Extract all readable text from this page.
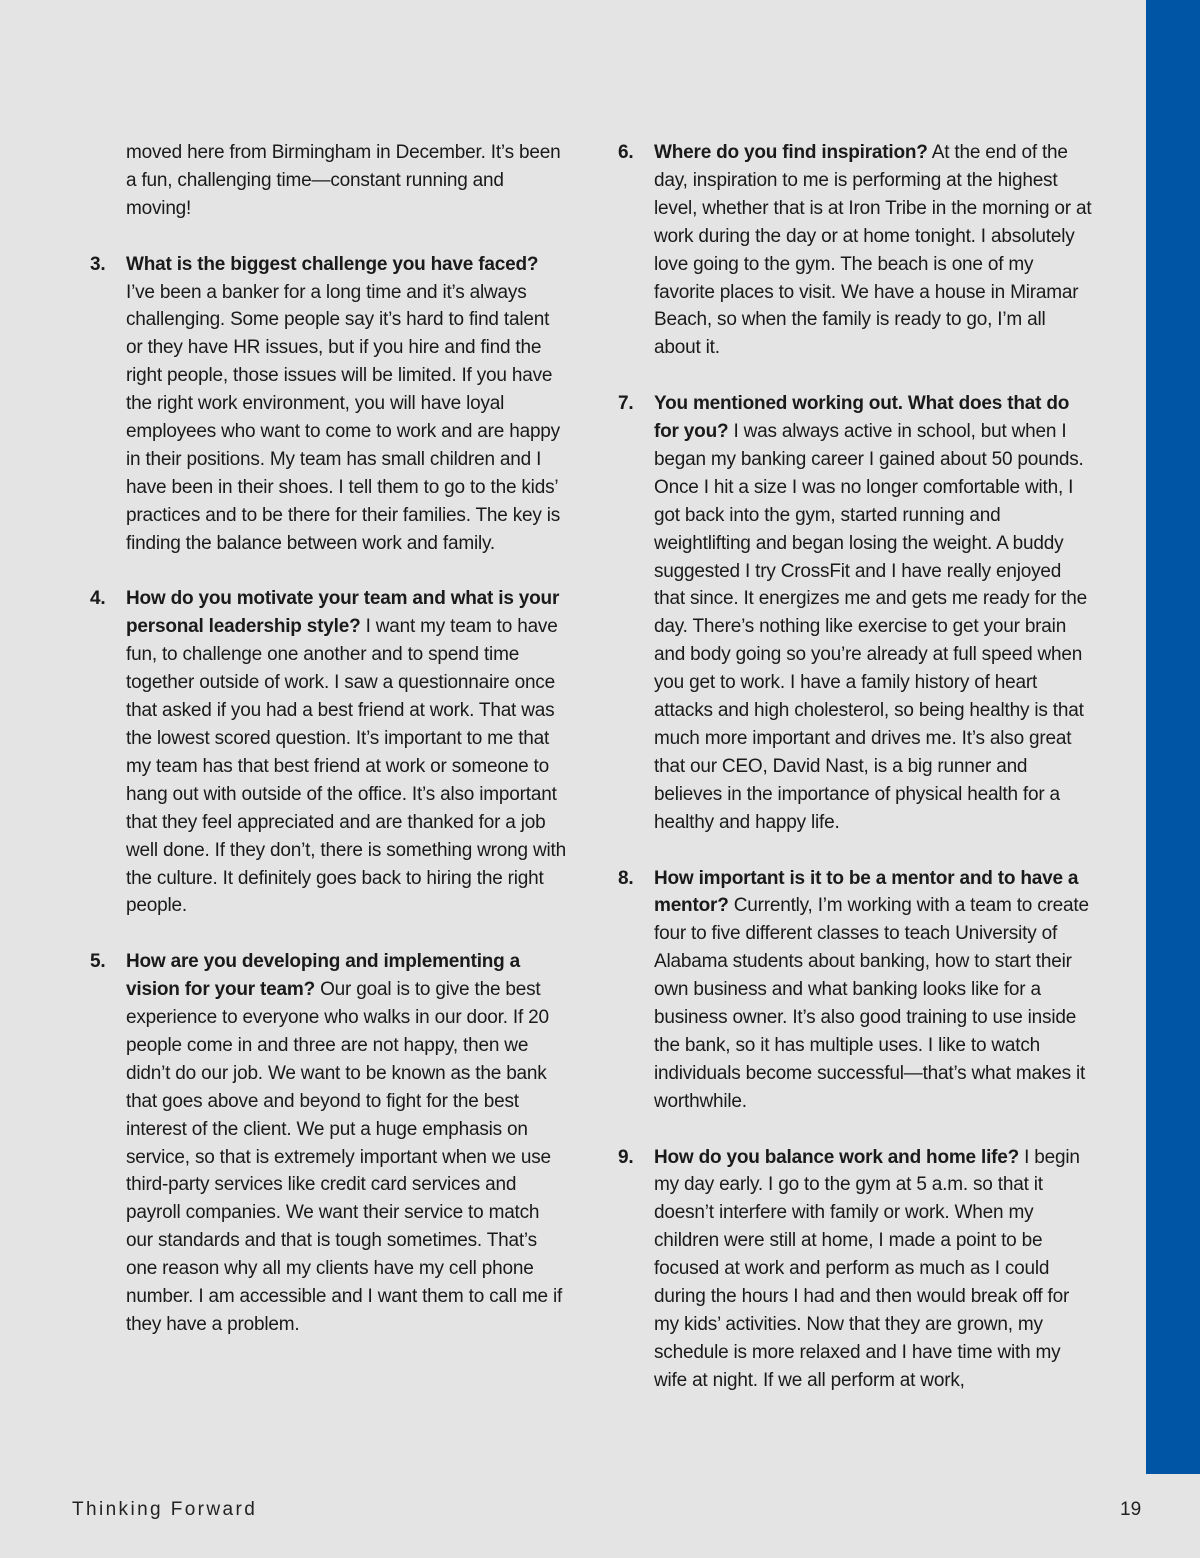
moved here from Birmingham in December. It’s been a fun, challenging time—constant running and moving!

3.	What is the biggest challenge you have faced? I’ve been a banker for a long time and it’s always challenging. Some people say it’s hard to find talent or they have HR issues, but if you hire and find the right people, those issues will be limited. If you have the right work environment, you will have loyal employees who want to come to work and are happy in their positions. My team has small children and I have been in their shoes. I tell them to go to the kids’ practices and to be there for their families. The key is finding the balance between work and family.

4.	How do you motivate your team and what is your personal leadership style? I want my team to have fun, to challenge one another and to spend time together outside of work. I saw a questionnaire once that asked if you had a best friend at work. That was the lowest scored question. It’s important to me that my team has that best friend at work or someone to hang out with outside of the office. It’s also important that they feel appreciated and are thanked for a job well done. If they don’t, there is something wrong with the culture. It definitely goes back to hiring the right people.

5.	How are you developing and implementing a vision for your team? Our goal is to give the best experience to everyone who walks in our door. If 20 people come in and three are not happy, then we didn’t do our job. We want to be known as the bank that goes above and beyond to fight for the best interest of the client. We put a huge emphasis on service, so that is extremely important when we use third-party services like credit card services and payroll companies. We want their service to match our standards and that is tough sometimes. That’s one reason why all my clients have my cell phone number. I am accessible and I want them to call me if they have a problem.

6.	Where do you find inspiration? At the end of the day, inspiration to me is performing at the highest level, whether that is at Iron Tribe in the morning or at work during the day or at home tonight. I absolutely love going to the gym. The beach is one of my favorite places to visit. We have a house in Miramar Beach, so when the family is ready to go, I’m all about it.

7.	You mentioned working out. What does that do for you? I was always active in school, but when I began my banking career I gained about 50 pounds. Once I hit a size I was no longer comfortable with, I got back into the gym, started running and weightlifting and began losing the weight. A buddy suggested I try CrossFit and I have really enjoyed that since. It energizes me and gets me ready for the day. There’s nothing like exercise to get your brain and body going so you’re already at full speed when you get to work. I have a family history of heart attacks and high cholesterol, so being healthy is that much more important and drives me. It’s also great that our CEO, David Nast, is a big runner and believes in the importance of physical health for a healthy and happy life.

8.	How important is it to be a mentor and to have a mentor? Currently, I’m working with a team to create four to five different classes to teach University of Alabama students about banking, how to start their own business and what banking looks like for a business owner. It’s also good training to use inside the bank, so it has multiple uses. I like to watch individuals become successful—that’s what makes it worthwhile.

9.	How do you balance work and home life? I begin my day early. I go to the gym at 5 a.m. so that it doesn’t interfere with family or work. When my children were still at home, I made a point to be focused at work and perform as much as I could during the hours I had and then would break off for my kids’ activities. Now that they are grown, my schedule is more relaxed and I have time with my wife at night. If we all perform at work,

Thinking Forward	19
